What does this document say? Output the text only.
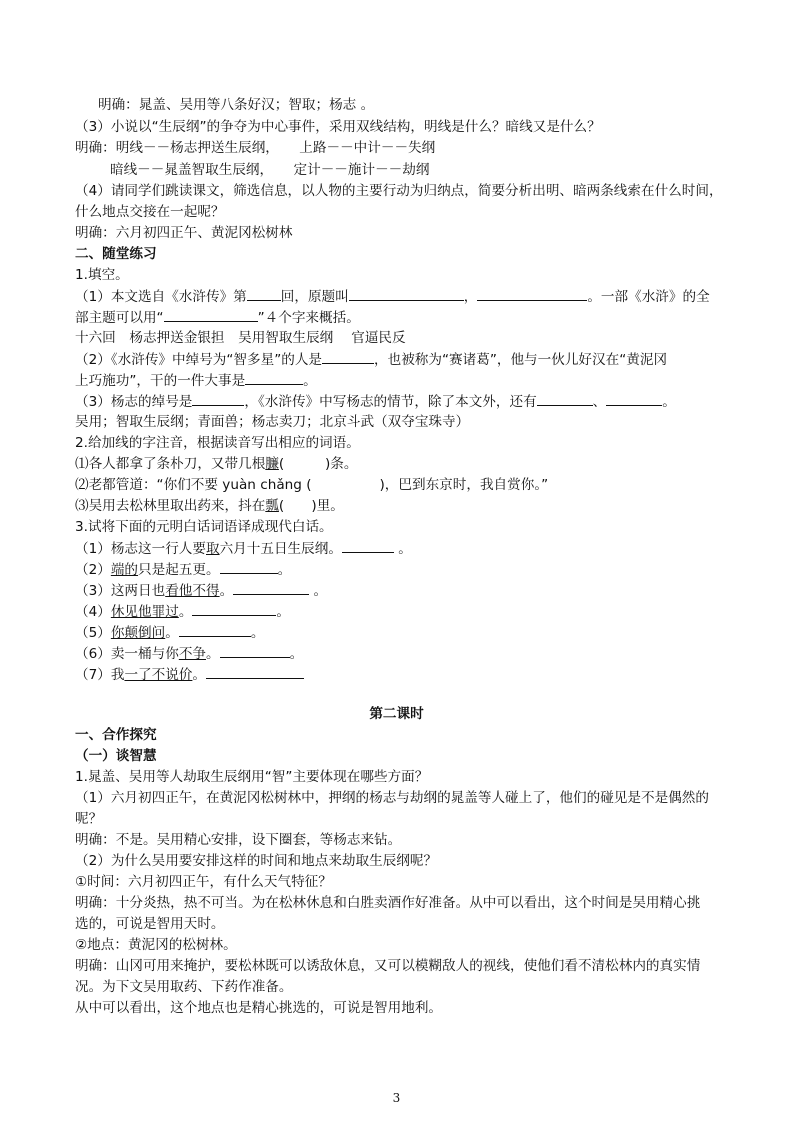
明确：晁盖、吴用等八条好汉；智取；杨志 。
（3）小说以“生辰纲”的争夺为中心事件，采用双线结构，明线是什么？暗线又是什么？
明确：明线－－杨志押送生辰纲，　　上路－－中计－－失纲
暗线－－晁盖智取生辰纲，　　定计－－施计－－劫纲
（4）请同学们跳读课文，筛选信息，以人物的主要行动为归纳点，简要分析出明、暗两条线索在什么时间，
什么地点交接在一起呢？
明确：六月初四正午、黄泥冈松树林
二、随堂练习
1.填空。
（1）本文选自《水浒传》第	回，原题叫	，	。一部《水浒》的全
部主题可以用“	”４个字来概括。
十六回　杨志押送金银担　吴用智取生辰纲　 官逼民反
（2）《水浒传》中绰号为“智多星”的人是	，也被称为“赛诸葛”，他与一伙儿好汉在“黄泥冈
上巧施功”，干的一件大事是	。
（3）杨志的绰号是	，《水浒传》中写杨志的情节，除了本文外，还有	、	。
吴用；智取生辰纲；青面兽；杨志卖刀；北京斗武（双夺宝珠寺）
2.给加线的字注音，根据读音写出相应的词语。
⑴各人都拿了条朴刀，又带几根臁(　　　)条。
⑵老都管道：“你们不要 yuàn chǎng (　　　　　)，巴到东京时，我自赏你。”
⑶吴用去松林里取出药来，抖在瓢(　　)里。
3.试将下面的元明白话词语译成现代白话。
（1）杨志这一行人要取六月十五日生辰纲。	。
（2）端的只是起五更。	。
（3）这两日也看他不得。	。
（4）休见他罪过。	。
（5）你颠倒问。	。
（6）卖一桶与你不争。	。
（7）我一了不说价。
第二课时
一、合作探究
（一）谈智慧
1.晁盖、吴用等人劫取生辰纲用“智”主要体现在哪些方面？
（1）六月初四正午，在黄泥冈松树林中，押纲的杨志与劫纲的晁盖等人碰上了，他们的碰见是不是偶然的
呢？
明确：不是。吴用精心安排，设下圈套，等杨志来钻。
（2）为什么吴用要安排这样的时间和地点来劫取生辰纲呢？
①时间：六月初四正午，有什么天气特征？
明确：十分炎热，热不可当。为在松林休息和白胜卖酒作好准备。从中可以看出，这个时间是吴用精心挑
选的，可说是智用天时。
②地点：黄泥冈的松树林。
明确：山冈可用来掩护，要松林既可以诱敌休息，又可以模糊敌人的视线，使他们看不清松林内的真实情
况。为下文吴用取药、下药作准备。
从中可以看出，这个地点也是精心挑选的，可说是智用地利。
3
